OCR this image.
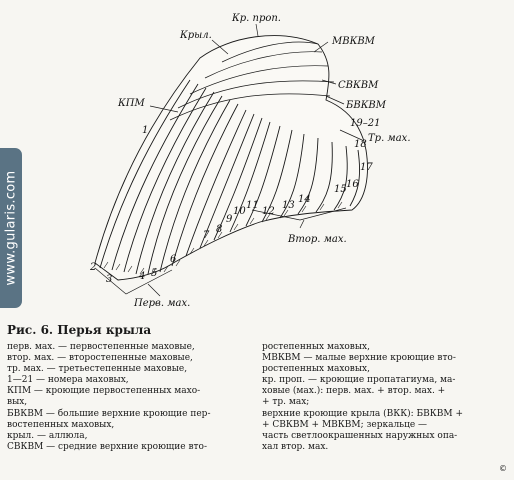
www.gularis.com
Кр. проп.
Крыл.
МВКВМ
СВКВМ
БВКВМ
КПМ
Тр. мах.
Втор. мах.
Перв. мах.
1
2
3	4 5
6
7
8
9
10
11
12
13
14
15 16
17
18
19–21
Рис. 6. Перья крыла

перв. мах. — первостепенные маховые,

втор. мах. — второстепенные маховые,

тр. мах. — третьестепенные маховые,

1—21 — номера маховых,

КПМ — кроющие первостепенных махо-

вых,

БВКВМ — большие верхние кроющие пер-

востепенных маховых,

крыл. — аллюла,

СВКВМ — средние верхние кроющие вто-

ростепенных маховых,

МВКВМ — малые верхние кроющие вто-

ростепенных маховых,

кр. проп. — кроющие пропатагиума, ма-

ховые (мах.): перв. мах. + втор. мах. +

+ тр. мах;

верхние кроющие крыла (ВКК): БВКВМ +

+ СВКВМ + МВКВМ; зеркальце —

часть светлоокрашенных наружных опа-

хал втор. мах.

©
